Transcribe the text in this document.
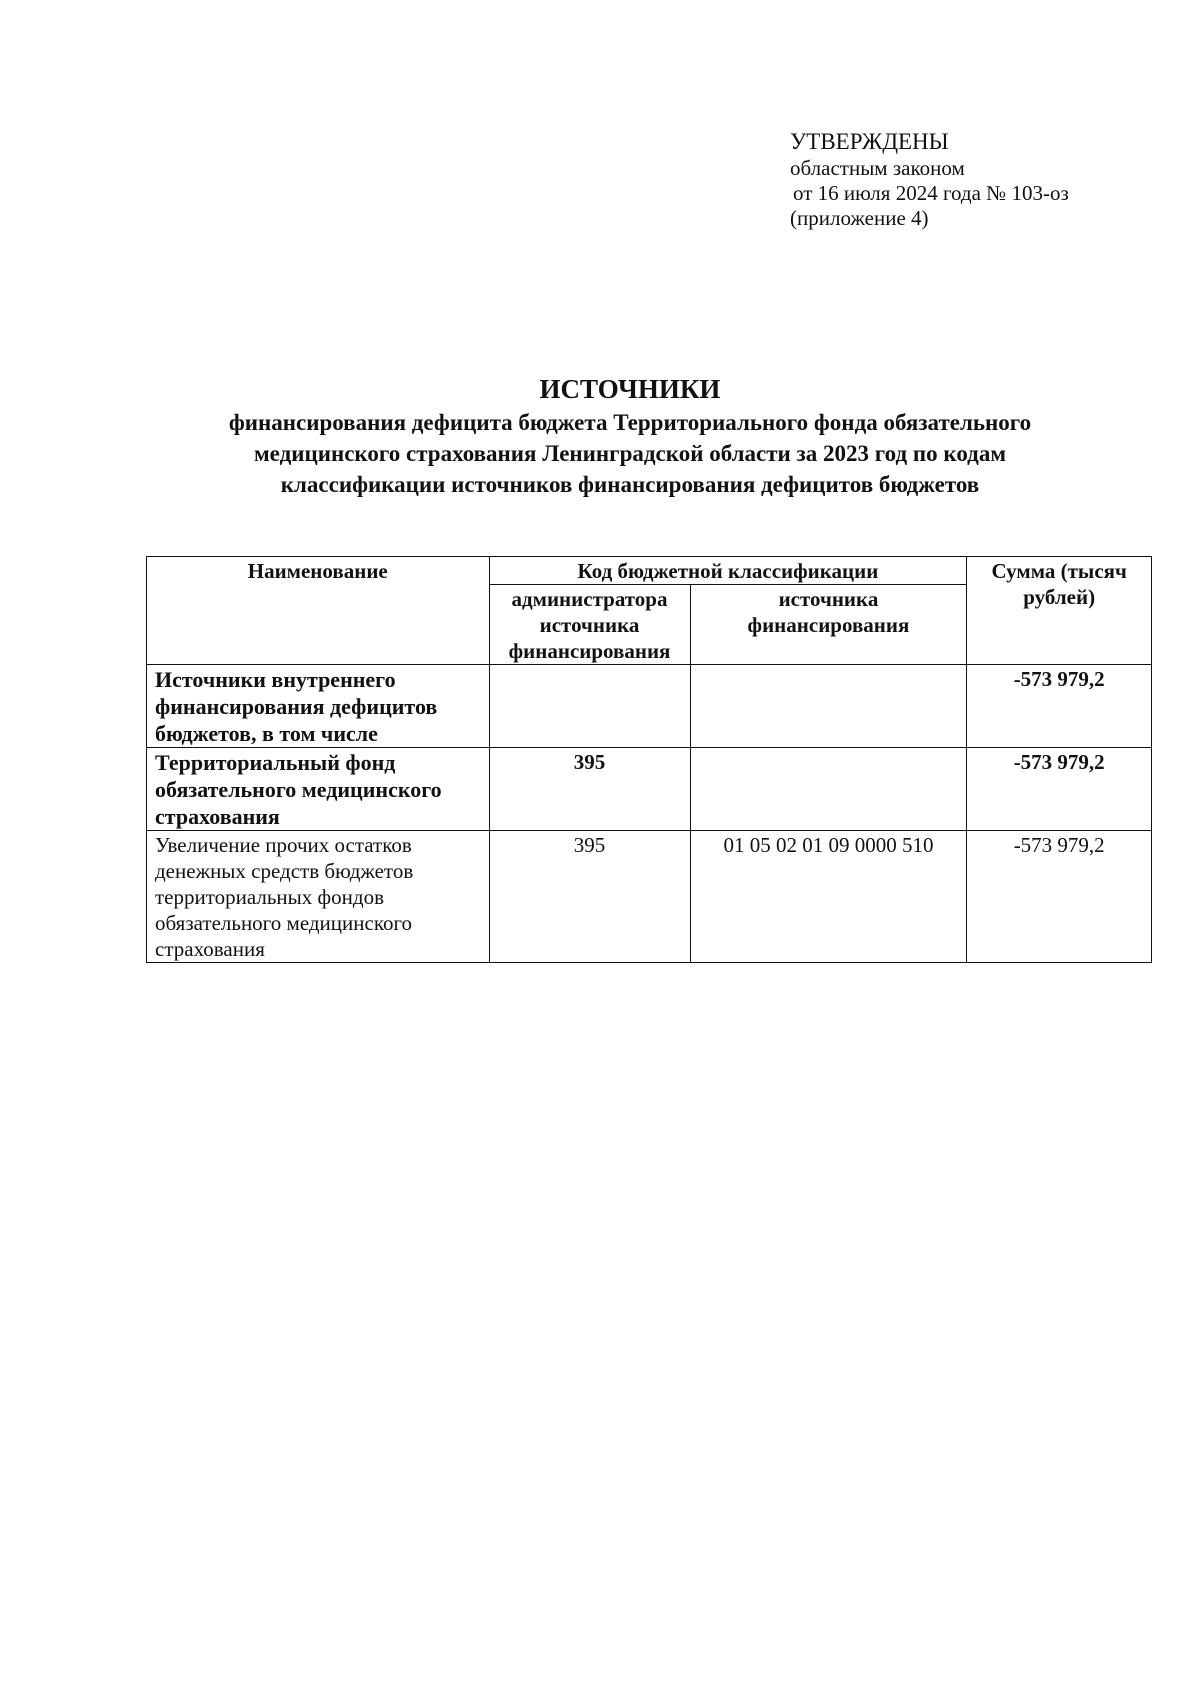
УТВЕРЖДЕНЫ
областным законом
от 16 июля 2024 года № 103-оз
(приложение 4)
ИСТОЧНИКИ
финансирования дефицита бюджета Территориального фонда обязательного
медицинского страхования Ленинградской области за 2023 год по кодам
классификации источников финансирования дефицитов бюджетов
Наименование	Код бюджетной классификации		Сумма (тысяч рублей)
	администратора источника финансирования	источника финансирования	
Источники внутреннего финансирования дефицитов бюджетов, в том числе			-573 979,2
Территориальный фонд обязательного медицинского страхования	395		-573 979,2
Увеличение прочих остатков денежных средств бюджетов территориальных фондов обязательного медицинского страхования	395	01 05 02 01 09 0000 510	-573 979,2
